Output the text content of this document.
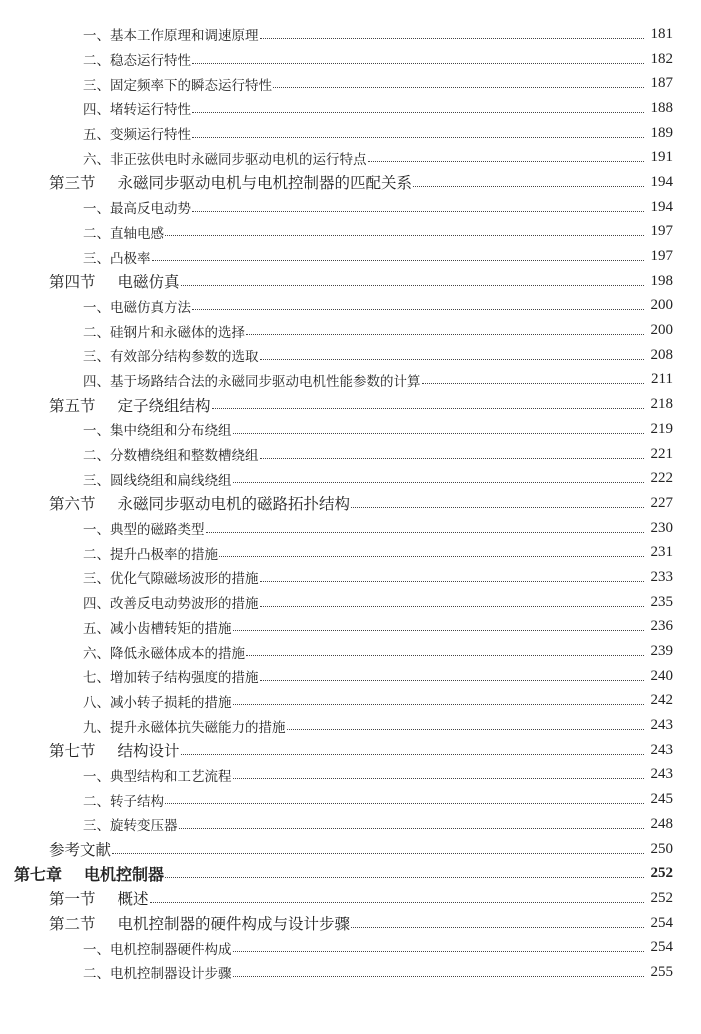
一、基本工作原理和调速原理	181
二、稳态运行特性	182
三、固定频率下的瞬态运行特性	187
四、堵转运行特性	188
五、变频运行特性	189
六、非正弦供电时永磁同步驱动电机的运行特点	191
第三节 永磁同步驱动电机与电机控制器的匹配关系	194
一、最高反电动势	194
二、直轴电感	197
三、凸极率	197
第四节 电磁仿真	198
一、电磁仿真方法	200
二、硅钢片和永磁体的选择	200
三、有效部分结构参数的选取	208
四、基于场路结合法的永磁同步驱动电机性能参数的计算	211
第五节 定子绕组结构	218
一、集中绕组和分布绕组	219
二、分数槽绕组和整数槽绕组	221
三、圆线绕组和扁线绕组	222
第六节 永磁同步驱动电机的磁路拓扑结构	227
一、典型的磁路类型	230
二、提升凸极率的措施	231
三、优化气隙磁场波形的措施	233
四、改善反电动势波形的措施	235
五、减小齿槽转矩的措施	236
六、降低永磁体成本的措施	239
七、增加转子结构强度的措施	240
八、减小转子损耗的措施	242
九、提升永磁体抗失磁能力的措施	243
第七节 结构设计	243
一、典型结构和工艺流程	243
二、转子结构	245
三、旋转变压器	248
参考文献	250
第七章 电机控制器	252
第一节 概述	252
第二节 电机控制器的硬件构成与设计步骤	254
一、电机控制器硬件构成	254
二、电机控制器设计步骤	255
